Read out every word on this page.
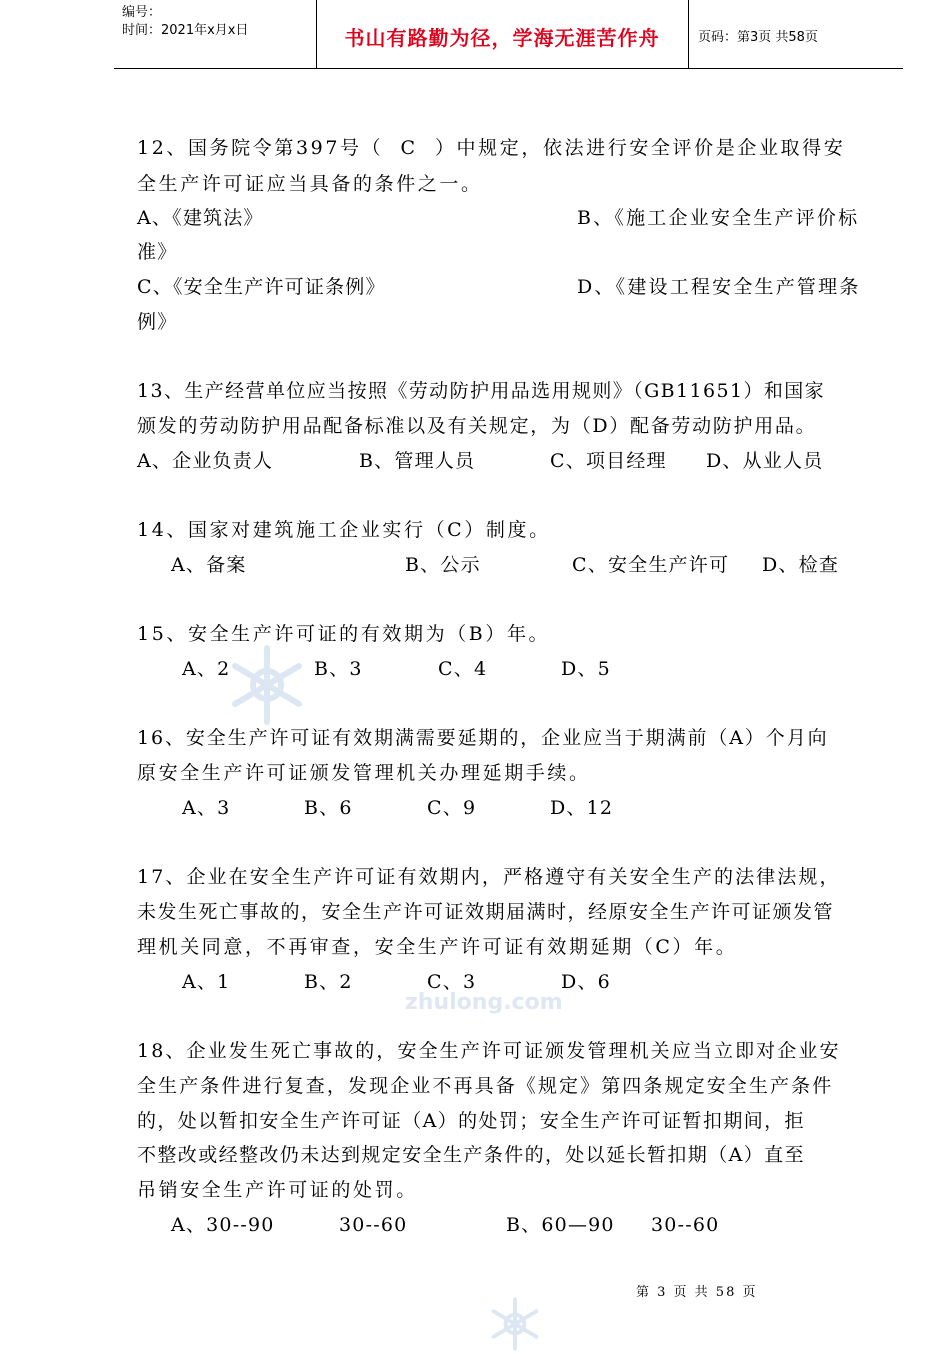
编号：
时间：2021年x月x日	书山有路勤为径，学海无涯苦作舟	页码：第3页 共58页
zhulong.com
12、国务院令第397号（  C  ）中规定，依法进行安全评价是企业取得安
全生产许可证应当具备的条件之一。
A、《建筑法》	B、《施工企业安全生产评价标
准》
C、《安全生产许可证条例》	D、《建设工程安全生产管理条
例》
13、生产经营单位应当按照《劳动防护用品选用规则》（GB11651）和国家
颁发的劳动防护用品配备标准以及有关规定，为（D）配备劳动防护用品。
A、企业负责人	B、管理人员	C、项目经理 D、从业人员
14、国家对建筑施工企业实行（C）制度。
A、备案	B、公示	C、安全生产许可 D、检查
15、安全生产许可证的有效期为（B）年。
A、2	B、3	C、4	D、5
16、安全生产许可证有效期满需要延期的，企业应当于期满前（A）个月向
原安全生产许可证颁发管理机关办理延期手续。
A、3	B、6	C、9	D、12
17、企业在安全生产许可证有效期内，严格遵守有关安全生产的法律法规，
未发生死亡事故的，安全生产许可证效期届满时，经原安全生产许可证颁发管
理机关同意，不再审查，安全生产许可证有效期延期（C）年。
A、1	B、2	C、3	D、6
18、企业发生死亡事故的，安全生产许可证颁发管理机关应当立即对企业安
全生产条件进行复查，发现企业不再具备《规定》第四条规定安全生产条件
的，处以暂扣安全生产许可证（A）的处罚；安全生产许可证暂扣期间，拒
不整改或经整改仍未达到规定安全生产条件的，处以延长暂扣期（A）直至
吊销安全生产许可证的处罚。
A、30--90	30--60	B、60—90 30--60
第 3 页 共 58 页
